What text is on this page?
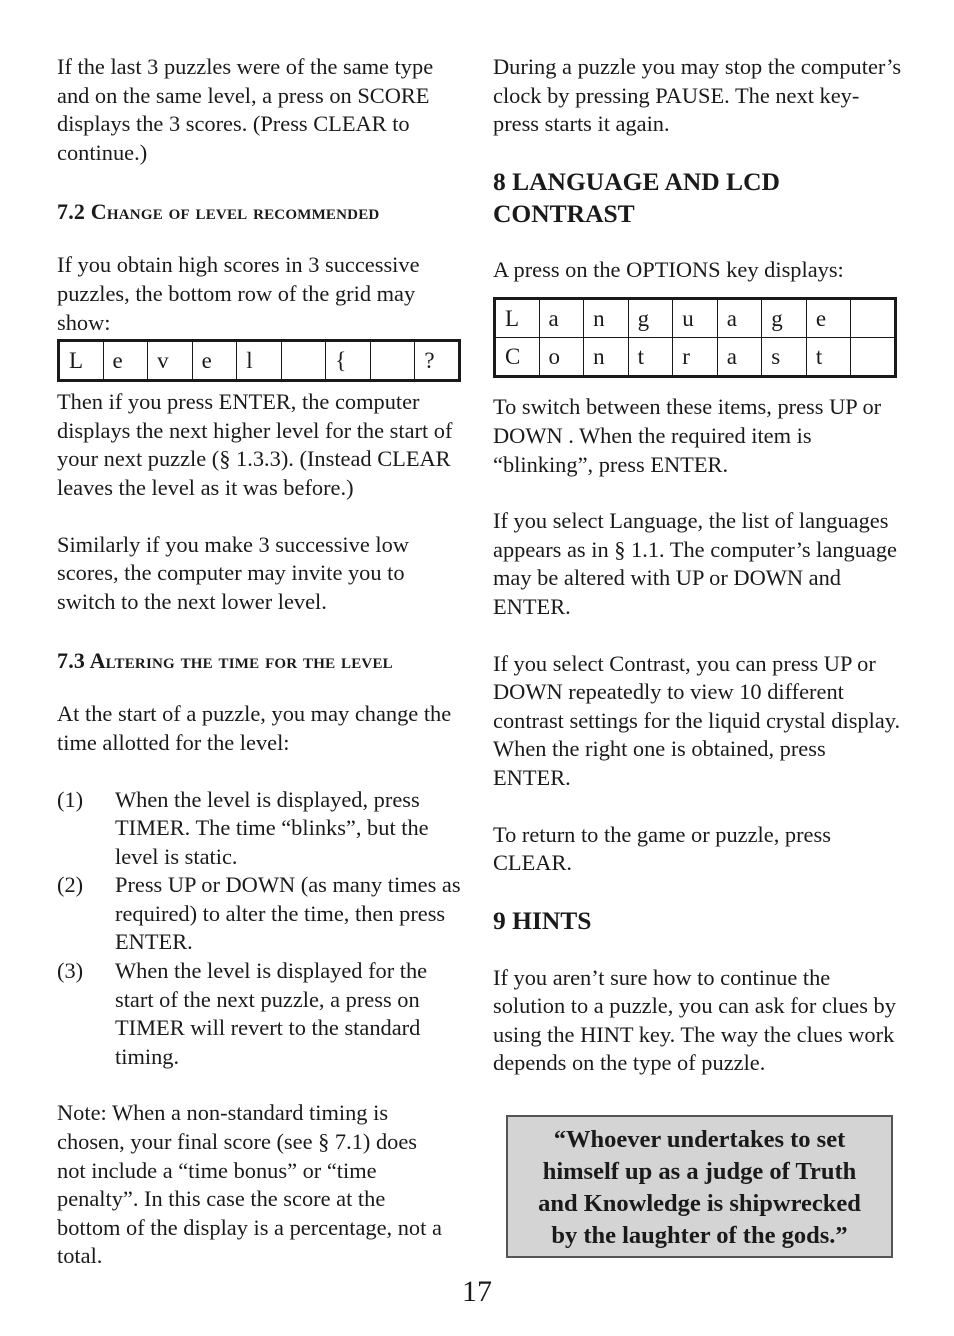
If the last 3 puzzles were of the same type and on the same level, a press on SCORE displays the 3 scores. (Press CLEAR to continue.)

7.2 Change of level recommended

If you obtain high scores in 3 successive puzzles, the bottom row of the grid may show:

L	e	v	e	l		{		?

Then if you press ENTER, the computer displays the next higher level for the start of your next puzzle (§ 1.3.3). (Instead CLEAR leaves the level as it was before.)

Similarly if you make 3 successive low scores, the computer may invite you to switch to the next lower level.

7.3 Altering the time for the level

At the start of a puzzle, you may change the time allotted for the level:

(1) When the level is displayed, press TIMER. The time “blinks”, but the level is static.
(2) Press UP or DOWN (as many times as required) to alter the time, then press ENTER.
(3) When the level is displayed for the start of the next puzzle, a press on TIMER will revert to the standard timing.

Note: When a non-standard timing is chosen, your final score (see § 7.1) does not include a “time bonus” or “time penalty”. In this case the score at the bottom of the display is a percentage, not a total.

During a puzzle you may stop the computer’s clock by pressing PAUSE. The next key-press starts it again.

8 LANGUAGE AND LCD CONTRAST

A press on the OPTIONS key displays:

L	a	n	g	u	a	g	e	
C	o	n	t	r	a	s	t	

To switch between these items, press UP or DOWN . When the required item is “blinking”, press ENTER.

If you select Language, the list of languages appears as in § 1.1. The computer’s language may be altered with UP or DOWN and ENTER.

If you select Contrast, you can press UP or DOWN repeatedly to view 10 different contrast settings for the liquid crystal display. When the right one is obtained, press ENTER.

To return to the game or puzzle, press CLEAR.

9 HINTS

If you aren’t sure how to continue the solution to a puzzle, you can ask for clues by using the HINT key. The way the clues work depends on the type of puzzle.

“Whoever undertakes to set
himself up as a judge of Truth
and Knowledge is shipwrecked
by the laughter of the gods.”
17
